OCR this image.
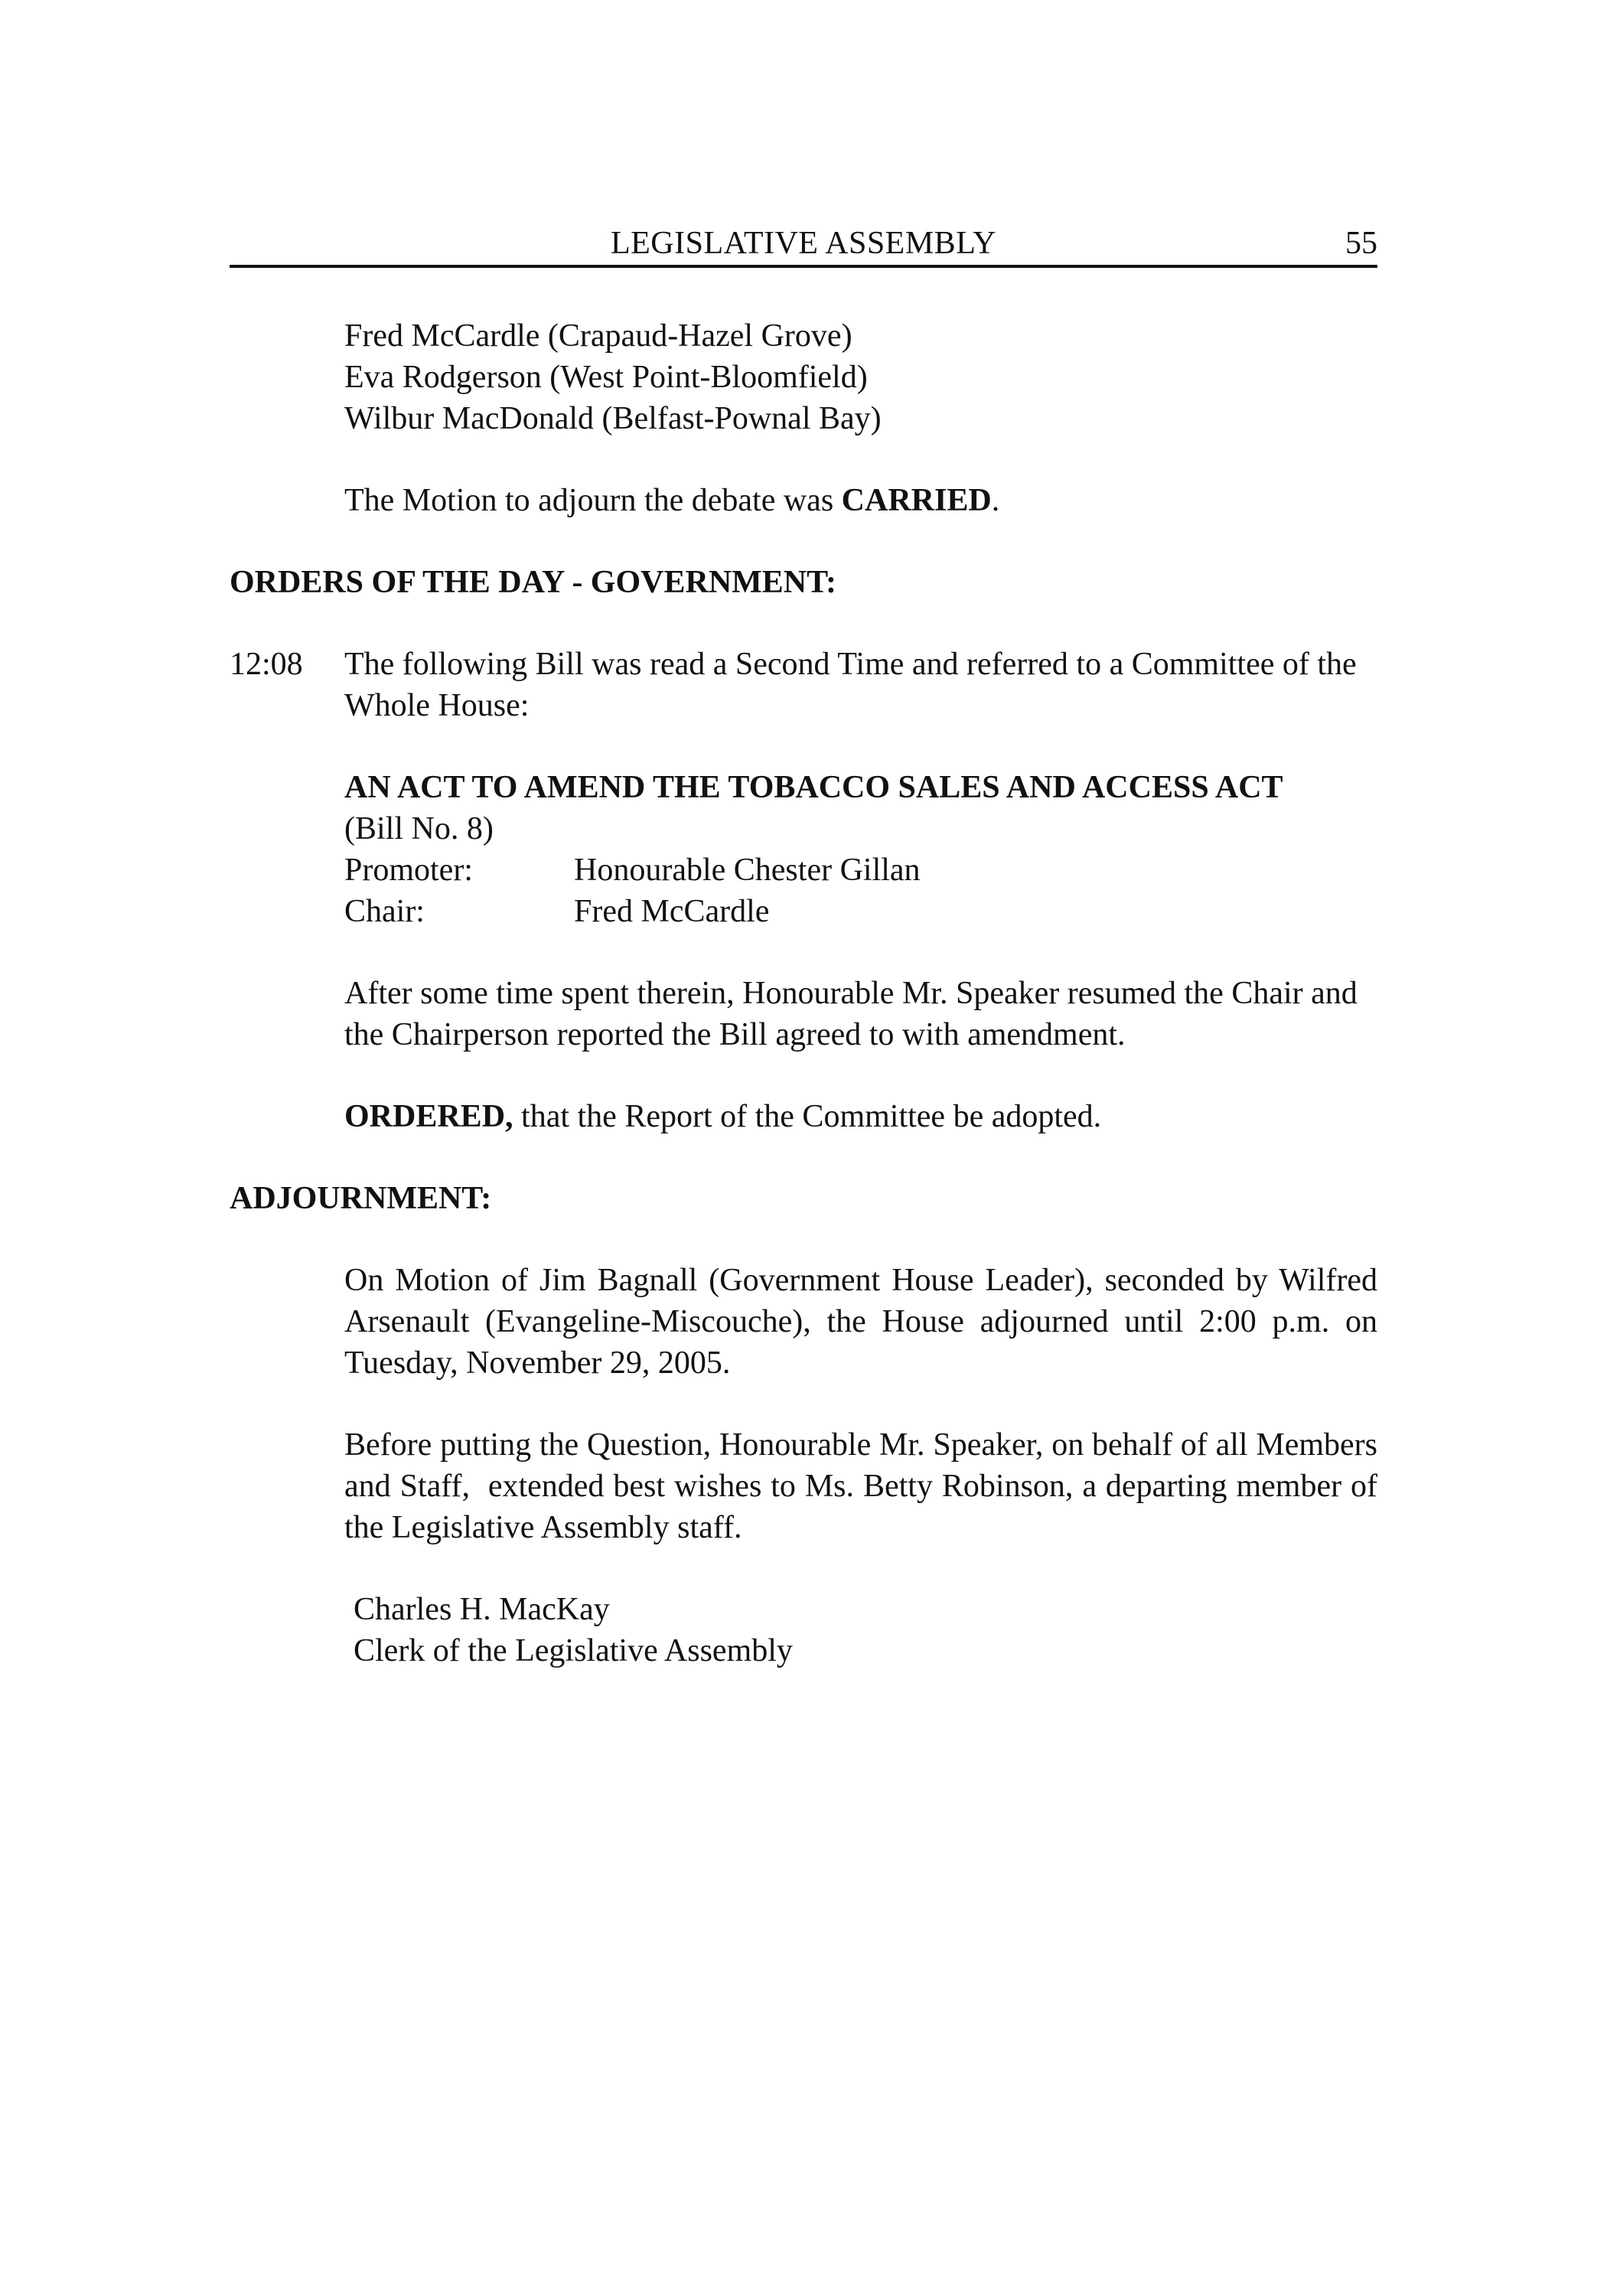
LEGISLATIVE ASSEMBLY	55
Fred McCardle (Crapaud-Hazel Grove)
Eva Rodgerson (West Point-Bloomfield)
Wilbur MacDonald (Belfast-Pownal Bay)
The Motion to adjourn the debate was CARRIED.
ORDERS OF THE DAY - GOVERNMENT:
12:08	The following Bill was read a Second Time and referred to a Committee of the Whole House:
AN ACT TO AMEND THE TOBACCO SALES AND ACCESS ACT
(Bill No. 8)
Promoter:	Honourable Chester Gillan
Chair:	Fred McCardle
After some time spent therein, Honourable Mr. Speaker resumed the Chair and the Chairperson reported the Bill agreed to with amendment.
ORDERED, that the Report of the Committee be adopted.
ADJOURNMENT:
On Motion of Jim Bagnall (Government House Leader), seconded by Wilfred Arsenault (Evangeline-Miscouche), the House adjourned until 2:00 p.m. on Tuesday, November 29, 2005.
Before putting the Question, Honourable Mr. Speaker, on behalf of all Members and Staff,  extended best wishes to Ms. Betty Robinson, a departing member of the Legislative Assembly staff.
Charles H. MacKay
Clerk of the Legislative Assembly
